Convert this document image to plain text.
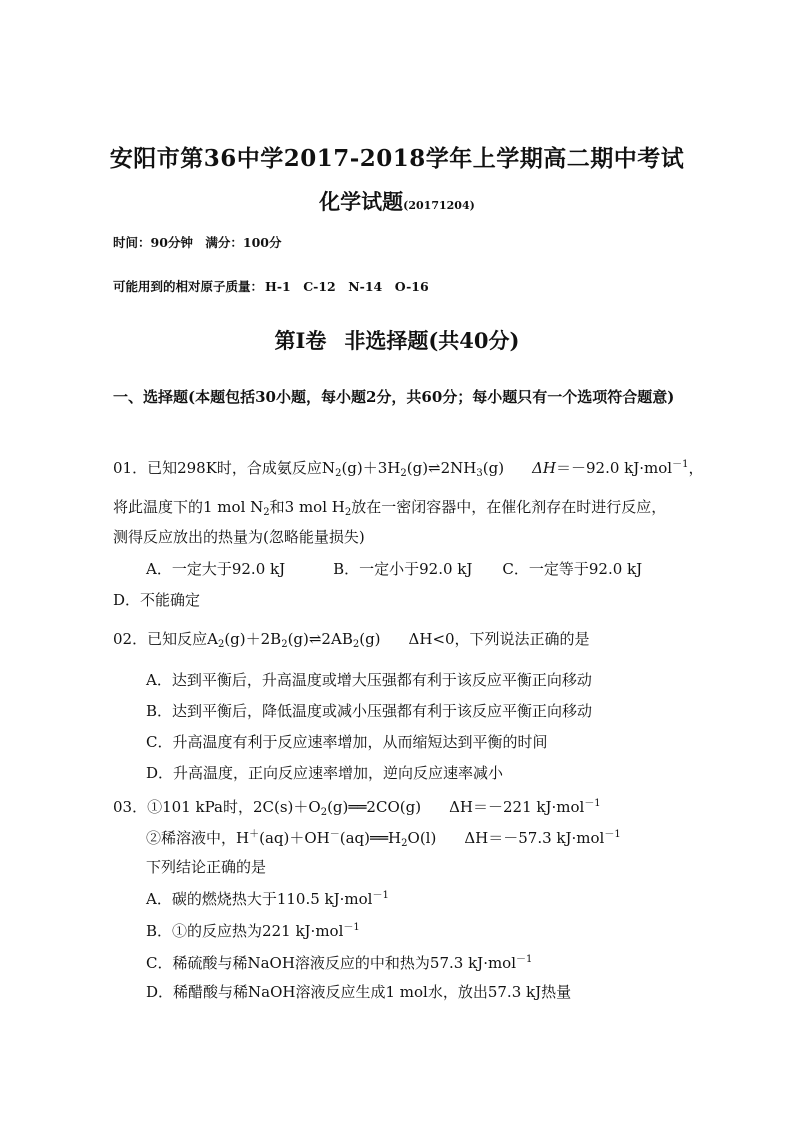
安阳市第36中学2017-2018学年上学期高二期中考试
化学试题(20171204)
时间：90分钟　满分：100分
可能用到的相对原子质量： H-1　C-12　N-14　O-16
第I卷 非选择题(共40分)
一、选择题(本题包括30小题，每小题2分，共60分；每小题只有一个选项符合题意)
01．已知298K时，合成氨反应$N_2(g)+3H_2(g)\rightleftharpoons 2NH_3(g)$ ΔH＝－92.0 kJ·mol$^{-1}$，
将此温度下的1 mol $N_2$和3 mol $H_2$放在一密闭容器中，在催化剂存在时进行反应，
测得反应放出的热量为(忽略能量损失)
A．一定大于92.0 kJ	B．一定小于92.0 kJ C．一定等于92.0 kJ
D．不能确定
02．已知反应$A_2(g)+2B_2(g)\rightleftharpoons 2AB_2(g)$ ΔH<0，下列说法正确的是
A．达到平衡后，升高温度或增大压强都有利于该反应平衡正向移动
B．达到平衡后，降低温度或减小压强都有利于该反应平衡正向移动
C．升高温度有利于反应速率增加，从而缩短达到平衡的时间
D．升高温度，正向反应速率增加，逆向反应速率减小
03．①101 kPa时，$2C(s)+O_2(g)══2CO(g)$ ΔH＝－221 kJ·mol$^{-1}$
②稀溶液中，$H^+(aq)+OH^-(aq)══H_2O(l)$ ΔH＝－57.3 kJ·mol$^{-1}$
下列结论正确的是
A．碳的燃烧热大于110.5 kJ·mol$^{-1}$
B．①的反应热为221 kJ·mol$^{-1}$
C．稀硫酸与稀NaOH溶液反应的中和热为57.3 kJ·mol$^{-1}$
D．稀醋酸与稀NaOH溶液反应生成1 mol水，放出57.3 kJ热量
